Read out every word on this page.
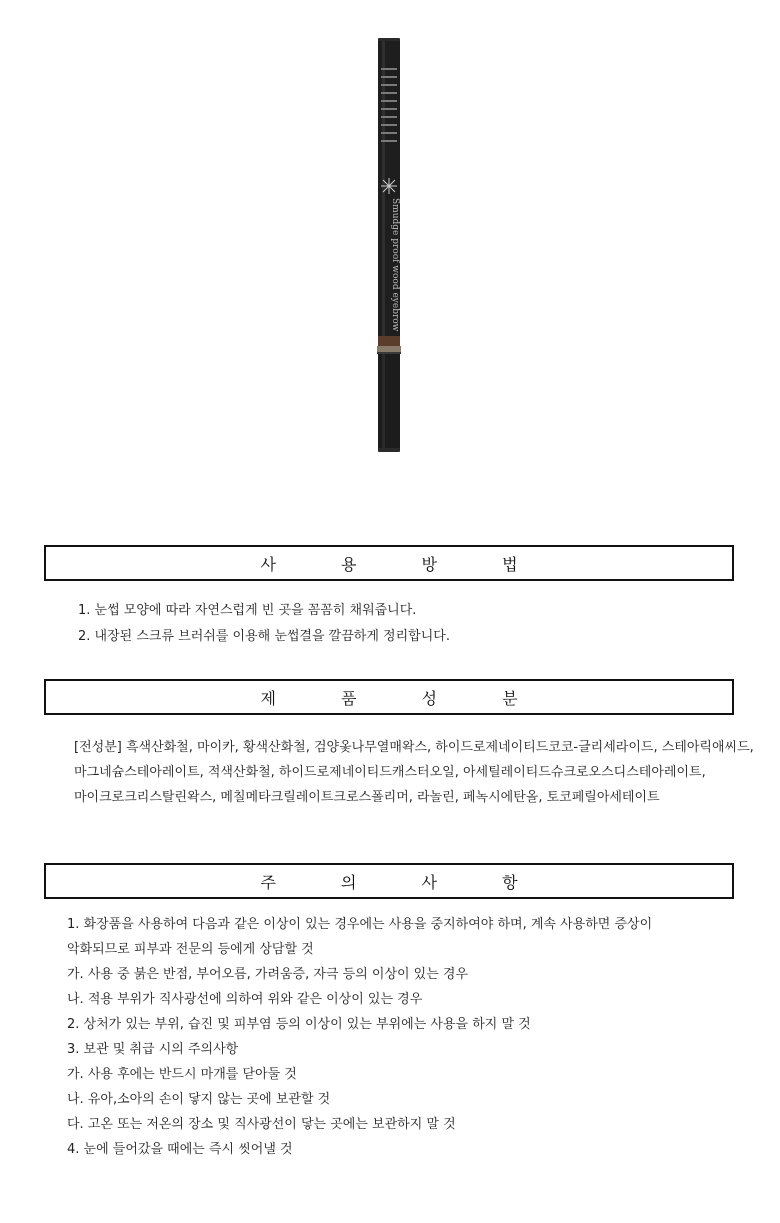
Smudge proof wood eyebrow
사 용 방 법
1. 눈썹 모양에 따라 자연스럽게 빈 곳을 꼼꼼히 채워줍니다.
2. 내장된 스크류 브러쉬를 이용해 눈썹결을 깔끔하게 정리합니다.
제 품 성 분
[전성분] 흑색산화철, 마이카, 황색산화철, 검양옻나무열매왁스, 하이드로제네이티드코코-글리세라이드, 스테아릭애씨드,
마그네슘스테아레이트, 적색산화철, 하이드로제네이티드캐스터오일, 아세틸레이티드슈크로오스디스테아레이트,
마이크로크리스탈린왁스, 메칠메타크릴레이트크로스폴리머, 라놀린, 페녹시에탄올, 토코페릴아세테이트
주 의 사 항
1. 화장품을 사용하여 다음과 같은 이상이 있는 경우에는 사용을 중지하여야 하며, 계속 사용하면 증상이
악화되므로 피부과 전문의 등에게 상담할 것
가. 사용 중 붉은 반점, 부어오름, 가려움증, 자극 등의 이상이 있는 경우
나. 적용 부위가 직사광선에 의하여 위와 같은 이상이 있는 경우
2. 상처가 있는 부위, 습진 및 피부염 등의 이상이 있는 부위에는 사용을 하지 말 것
3. 보관 및 취급 시의 주의사항
가. 사용 후에는 반드시 마개를 닫아둘 것
나. 유아,소아의 손이 닿지 않는 곳에 보관할 것
다. 고온 또는 저온의 장소 및 직사광선이 닿는 곳에는 보관하지 말 것
4. 눈에 들어갔을 때에는 즉시 씻어낼 것
